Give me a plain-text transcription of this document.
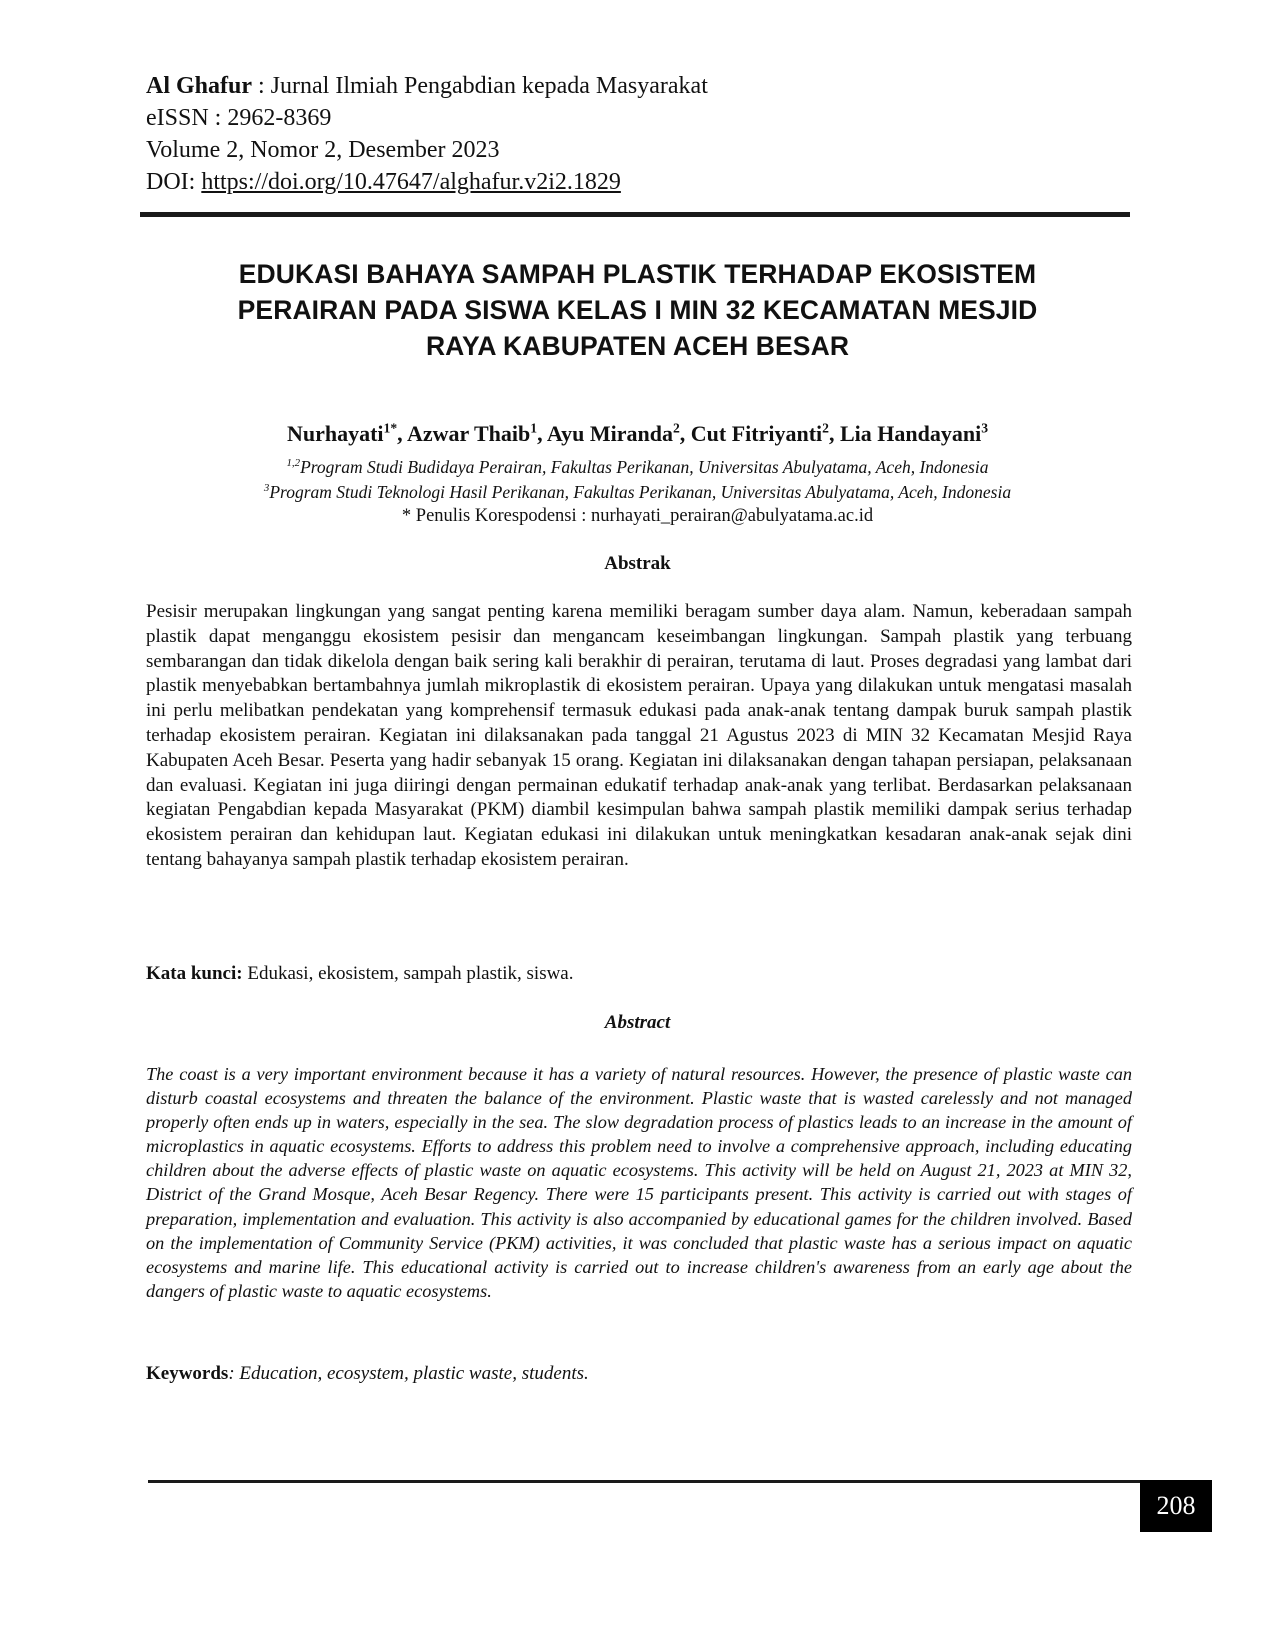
Al Ghafur : Jurnal Ilmiah Pengabdian kepada Masyarakat
eISSN : 2962-8369
Volume 2, Nomor 2, Desember 2023
DOI: https://doi.org/10.47647/alghafur.v2i2.1829
EDUKASI BAHAYA SAMPAH PLASTIK TERHADAP EKOSISTEM
PERAIRAN PADA SISWA KELAS I MIN 32 KECAMATAN MESJID
RAYA KABUPATEN ACEH BESAR
Nurhayati$^{1*}$, Azwar Thaib$^1$, Ayu Miranda$^2$, Cut Fitriyanti$^2$, Lia Handayani$^3$
$^{1,2}$Program Studi Budidaya Perairan, Fakultas Perikanan, Universitas Abulyatama, Aceh, Indonesia
$^3$Program Studi Teknologi Hasil Perikanan, Fakultas Perikanan, Universitas Abulyatama, Aceh, Indonesia
* Penulis Korespodensi : nurhayati_perairan@abulyatama.ac.id
Abstrak
Pesisir merupakan lingkungan yang sangat penting karena memiliki beragam sumber daya alam. Namun, keberadaan sampah plastik dapat menganggu ekosistem pesisir dan mengancam keseimbangan lingkungan. Sampah plastik yang terbuang sembarangan dan tidak dikelola dengan baik sering kali berakhir di perairan, terutama di laut. Proses degradasi yang lambat dari plastik menyebabkan bertambahnya jumlah mikroplastik di ekosistem perairan. Upaya yang dilakukan untuk mengatasi masalah ini perlu melibatkan pendekatan yang komprehensif termasuk edukasi pada anak-anak tentang dampak buruk sampah plastik terhadap ekosistem perairan. Kegiatan ini dilaksanakan pada tanggal 21 Agustus 2023 di MIN 32 Kecamatan Mesjid Raya Kabupaten Aceh Besar. Peserta yang hadir sebanyak 15 orang. Kegiatan ini dilaksanakan dengan tahapan persiapan, pelaksanaan dan evaluasi. Kegiatan ini juga diiringi dengan permainan edukatif terhadap anak-anak yang terlibat. Berdasarkan pelaksanaan kegiatan Pengabdian kepada Masyarakat (PKM) diambil kesimpulan bahwa sampah plastik memiliki dampak serius terhadap ekosistem perairan dan kehidupan laut. Kegiatan edukasi ini dilakukan untuk meningkatkan kesadaran anak-anak sejak dini tentang bahayanya sampah plastik terhadap ekosistem perairan.
Kata kunci: Edukasi, ekosistem, sampah plastik, siswa.
Abstract
The coast is a very important environment because it has a variety of natural resources. However, the presence of plastic waste can disturb coastal ecosystems and threaten the balance of the environment. Plastic waste that is wasted carelessly and not managed properly often ends up in waters, especially in the sea. The slow degradation process of plastics leads to an increase in the amount of microplastics in aquatic ecosystems. Efforts to address this problem need to involve a comprehensive approach, including educating children about the adverse effects of plastic waste on aquatic ecosystems. This activity will be held on August 21, 2023 at MIN 32, District of the Grand Mosque, Aceh Besar Regency. There were 15 participants present. This activity is carried out with stages of preparation, implementation and evaluation. This activity is also accompanied by educational games for the children involved. Based on the implementation of Community Service (PKM) activities, it was concluded that plastic waste has a serious impact on aquatic ecosystems and marine life. This educational activity is carried out to increase children's awareness from an early age about the dangers of plastic waste to aquatic ecosystems.
Keywords: Education, ecosystem, plastic waste, students.
208
